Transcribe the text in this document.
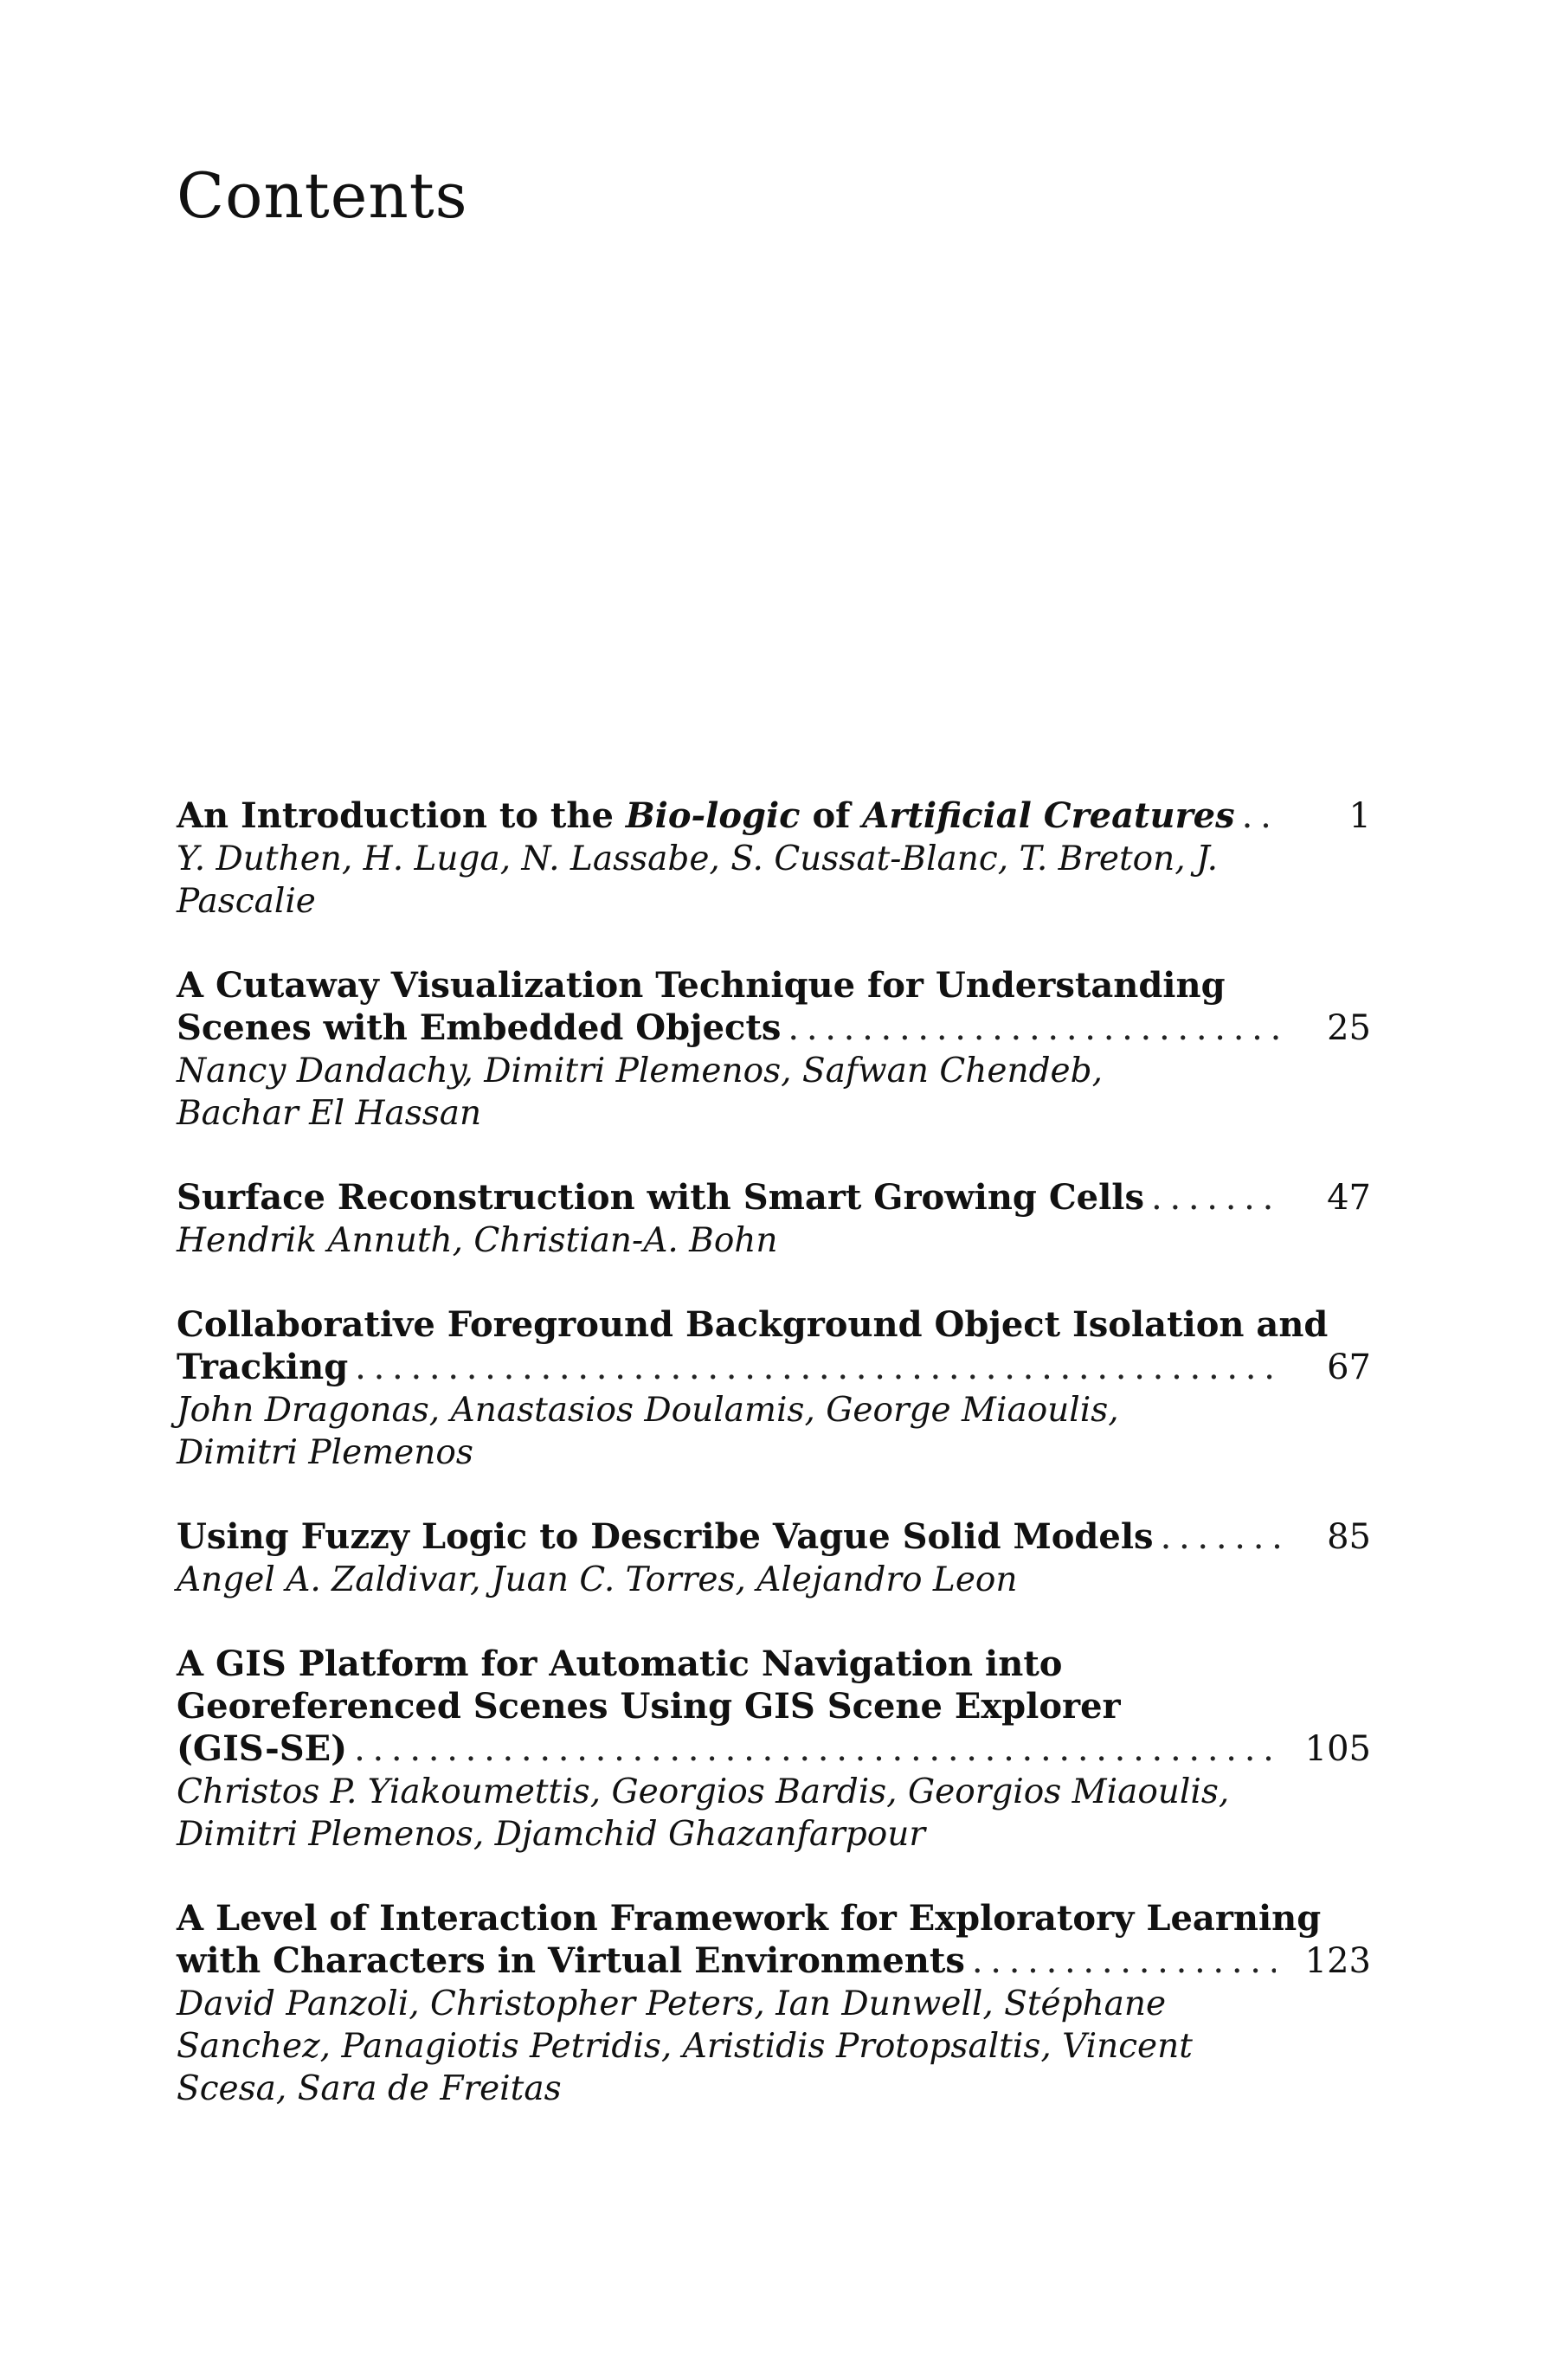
Contents
An Introduction to the Bio-logic of Artificial Creatures . . .	1
Y. Duthen, H. Luga, N. Lassabe, S. Cussat-Blanc, T. Breton, J. Pascalie
A Cutaway Visualization Technique for Understanding
Scenes with Embedded Objects . . .	25
Nancy Dandachy, Dimitri Plemenos, Safwan Chendeb, Bachar El Hassan
Surface Reconstruction with Smart Growing Cells . . .	47
Hendrik Annuth, Christian-A. Bohn
Collaborative Foreground Background Object Isolation and
Tracking . . .	67
John Dragonas, Anastasios Doulamis, George Miaoulis, Dimitri Plemenos
Using Fuzzy Logic to Describe Vague Solid Models . . .	85
Angel A. Zaldivar, Juan C. Torres, Alejandro Leon
A GIS Platform for Automatic Navigation into
Georeferenced Scenes Using GIS Scene Explorer
(GIS-SE) . . .	105
Christos P. Yiakoumettis, Georgios Bardis, Georgios Miaoulis, Dimitri Plemenos, Djamchid Ghazanfarpour
A Level of Interaction Framework for Exploratory Learning
with Characters in Virtual Environments . . .	123
David Panzoli, Christopher Peters, Ian Dunwell, Stéphane Sanchez, Panagiotis Petridis, Aristidis Protopsaltis, Vincent Scesa, Sara de Freitas
